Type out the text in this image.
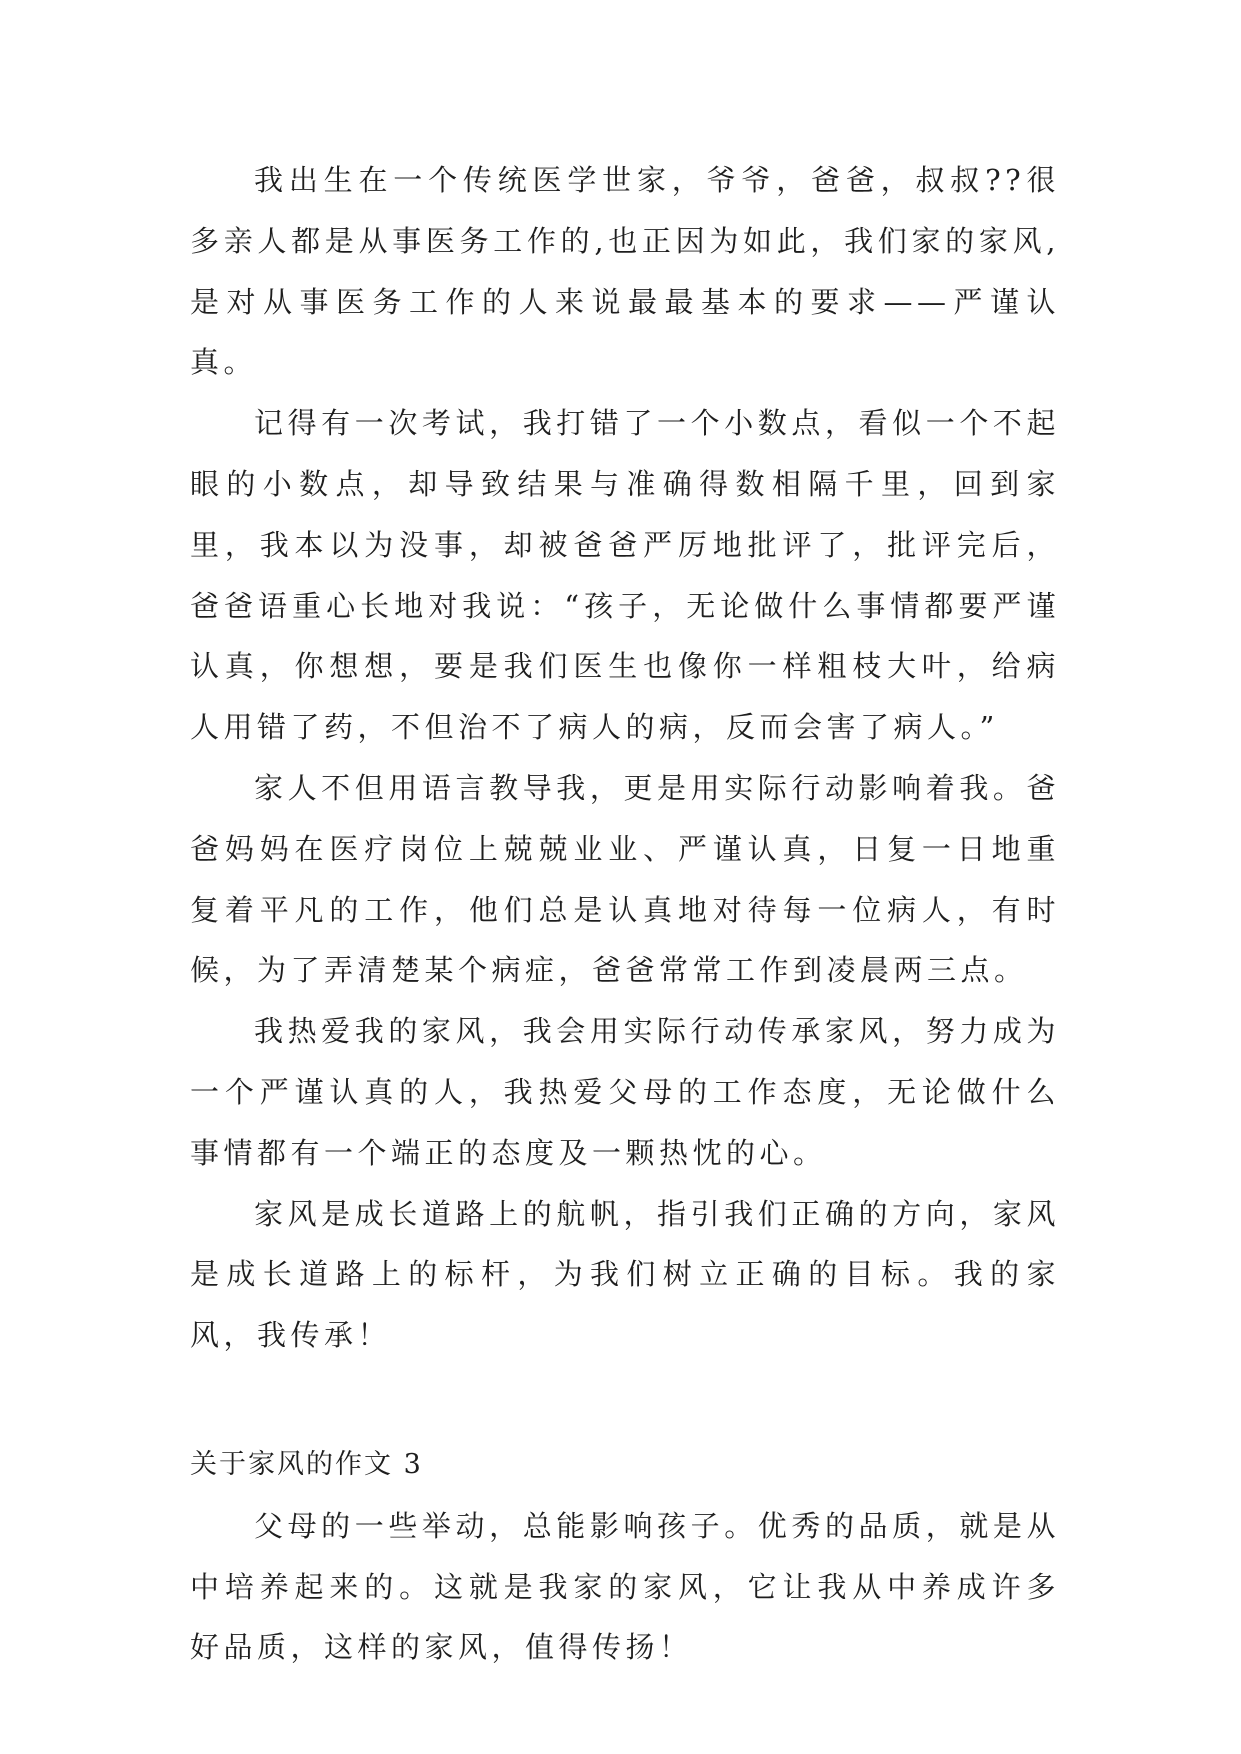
我出生在一个传统医学世家，爷爷，爸爸，叔叔??很多亲人都是从事医务工作的,也正因为如此，我们家的家风,是对从事医务工作的人来说最最基本的要求——严谨认真。

记得有一次考试，我打错了一个小数点，看似一个不起眼的小数点，却导致结果与准确得数相隔千里，回到家里，我本以为没事，却被爸爸严厉地批评了，批评完后，爸爸语重心长地对我说：“孩子，无论做什么事情都要严谨认真，你想想，要是我们医生也像你一样粗枝大叶，给病人用错了药，不但治不了病人的病，反而会害了病人。”

家人不但用语言教导我，更是用实际行动影响着我。爸爸妈妈在医疗岗位上兢兢业业、严谨认真，日复一日地重复着平凡的工作，他们总是认真地对待每一位病人，有时候，为了弄清楚某个病症，爸爸常常工作到凌晨两三点。

我热爱我的家风，我会用实际行动传承家风，努力成为一个严谨认真的人，我热爱父母的工作态度，无论做什么事情都有一个端正的态度及一颗热忱的心。

家风是成长道路上的航帆，指引我们正确的方向，家风是成长道路上的标杆，为我们树立正确的目标。我的家风，我传承！

关于家风的作文 3

父母的一些举动，总能影响孩子。优秀的品质，就是从中培养起来的。这就是我家的家风，它让我从中养成许多好品质，这样的家风，值得传扬！
